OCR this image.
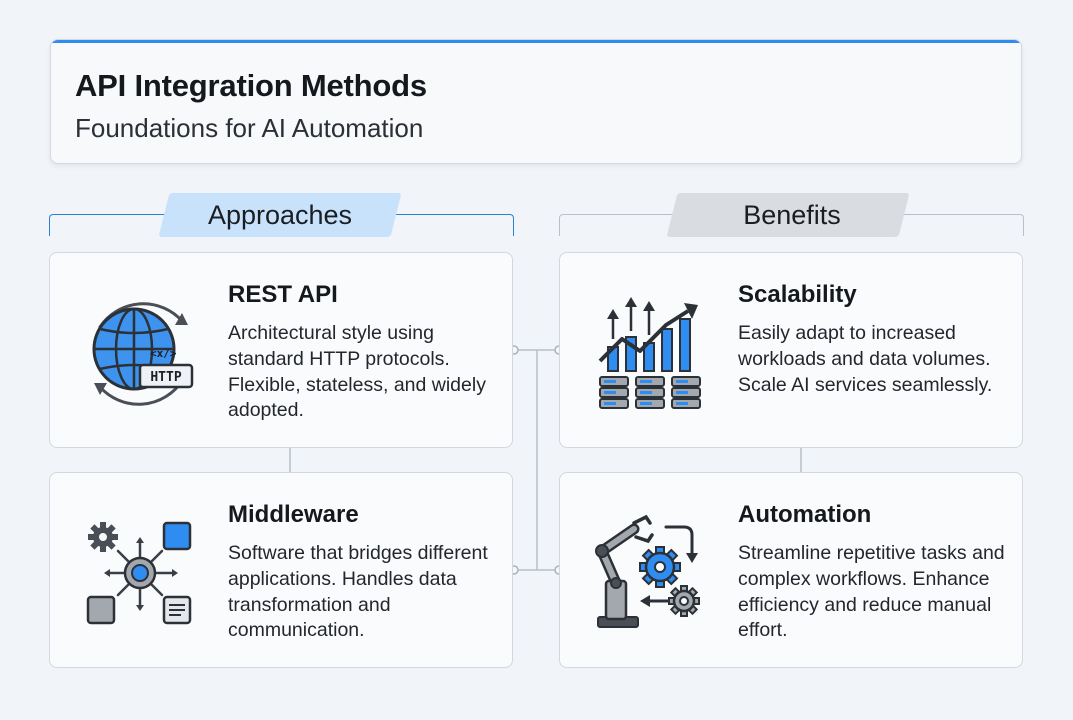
API Integration Methods
Foundations for AI Automation
Approaches	Benefits
<x/>
HTTP
REST API
Architectural style using standard HTTP protocols. Flexible, stateless, and widely adopted.
Middleware
Software that bridges different applications. Handles data transformation and communication.
Scalability
Easily adapt to increased workloads and data volumes. Scale AI services seamlessly.
Automation
Streamline repetitive tasks and complex workflows. Enhance efficiency and reduce manual effort.
